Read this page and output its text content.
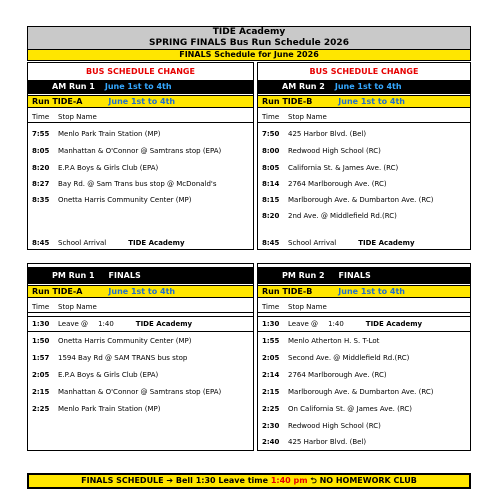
TIDE Academy
SPRING FINALS Bus Run Schedule 2026
FINALS Schedule for June 2026
BUS SCHEDULE CHANGE
AM Run 1 June 1st to 4th
Run TIDE-A	June 1st to 4th
Time	Stop Name
7:55	Menlo Park Train Station (MP)
8:05	Manhattan & O'Connor @ Samtrans stop (EPA)
8:20	E.P.A Boys & Girls Club (EPA)
8:27	Bay Rd. @ Sam Trans bus stop @ McDonald's
8:35	Onetta Harris Community Center (MP)
8:45	School Arrival	TIDE Academy
BUS SCHEDULE CHANGE
AM Run 2 June 1st to 4th
Run TIDE-B	June 1st to 4th
Time	Stop Name
7:50	425 Harbor Blvd. (Bel)
8:00	Redwood High School (RC)
8:05	California St. & James Ave. (RC)
8:14	2764 Marlborough Ave. (RC)
8:15	Marlborough Ave. & Dumbarton Ave. (RC)
8:20	2nd Ave. @ Middlefield Rd.(RC)
8:45	School Arrival	TIDE Academy
PM Run 1 FINALS
Run TIDE-A	June 1st to 4th
Time	Stop Name
1:30	Leave @ 1:40	TIDE Academy
1:50	Onetta Harris Community Center (MP)
1:57	1594 Bay Rd @ SAM TRANS bus stop
2:05	E.P.A Boys & Girls Club (EPA)
2:15	Manhattan & O'Connor @ Samtrans stop (EPA)
2:25	Menlo Park Train Station (MP)
PM Run 2 FINALS
Run TIDE-B	June 1st to 4th
Time	Stop Name
1:30	Leave @ 1:40	TIDE Academy
1:55	Menlo Atherton H. S. T-Lot
2:05	Second Ave. @ Middlefield Rd.(RC)
2:14	2764 Marlborough Ave. (RC)
2:15	Marlborough Ave. & Dumbarton Ave. (RC)
2:25	On California St. @ James Ave. (RC)
2:30	Redwood High School (RC)
2:40	425 Harbor Blvd. (Bel)
FINALS SCHEDULE ➔ Bell 1:30 Leave time 1:40 pm ⮌ NO HOMEWORK CLUB
